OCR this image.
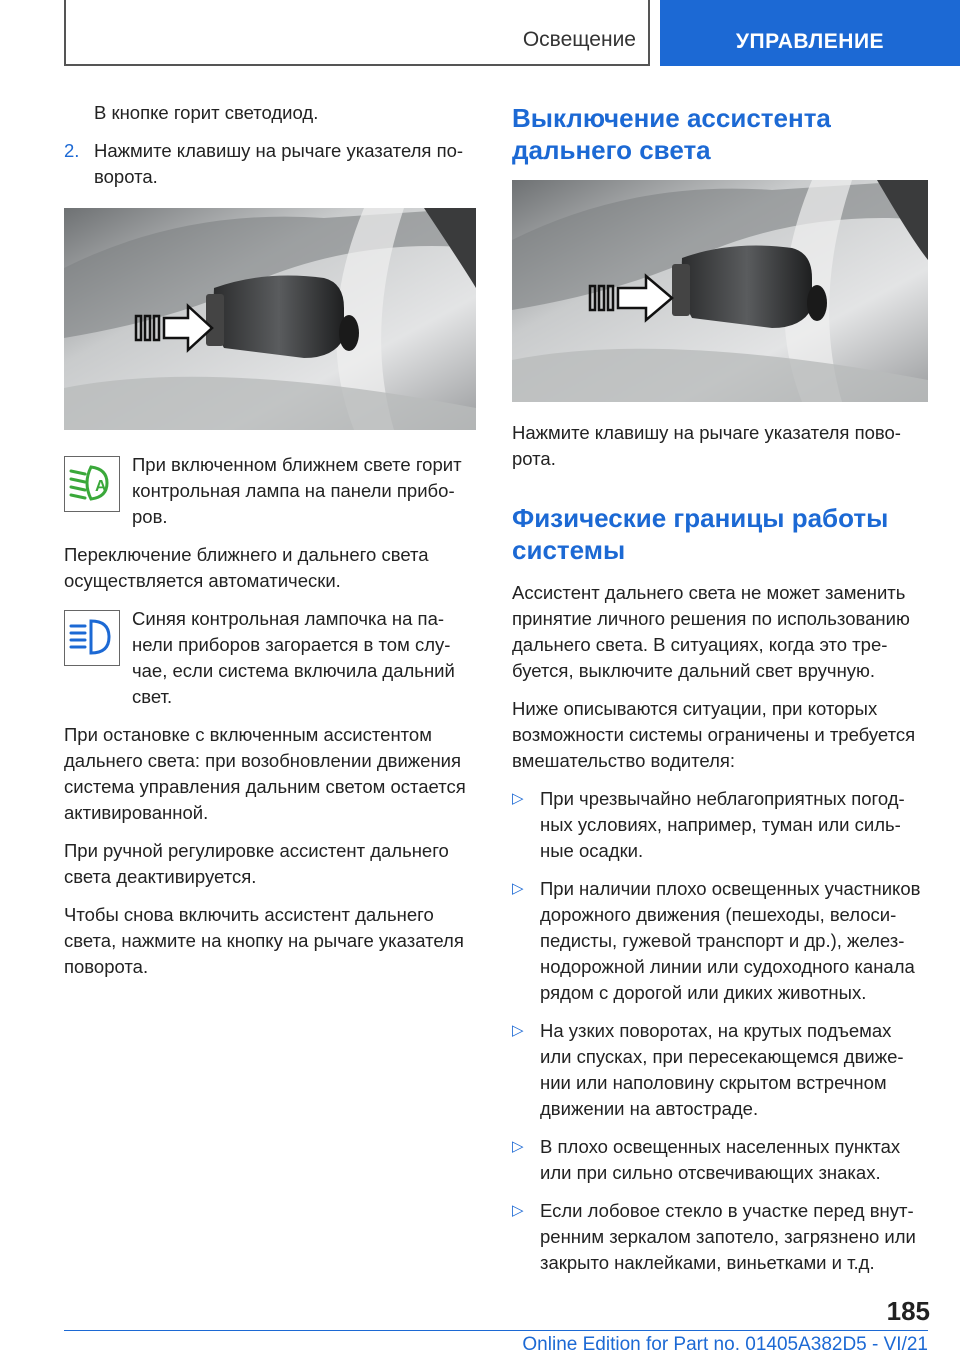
Освещение	УПРАВЛЕНИЕ

В кнопке горит светодиод.

2. Нажмите клавишу на рычаге указателя поворота.

A

При включенном ближнем свете горит контрольная лампа на панели приборов.

Переключение ближнего и дальнего света осуществляется автоматически.

Синяя контрольная лампочка на панели приборов загорается в том случае, если система включила дальний свет.

При остановке с включенным ассистентом дальнего света: при возобновлении движения система управления дальним светом остается активированной.

При ручной регулировке ассистент дальнего света деактивируется.

Чтобы снова включить ассистент дальнего света, нажмите на кнопку на рычаге указателя поворота.

Выключение ассистента дальнего света

Нажмите клавишу на рычаге указателя поворота.

Физические границы работы системы

Ассистент дальнего света не может заменить принятие личного решения по использованию дальнего света. В ситуациях, когда это требуется, выключите дальний свет вручную.

Ниже описываются ситуации, при которых возможности системы ограничены и требуется вмешательство водителя:

▷ При чрезвычайно неблагоприятных погодных условиях, например, туман или сильные осадки.
▷ При наличии плохо освещенных участников дорожного движения (пешеходы, велосипедисты, гужевой транспорт и др.), железнодорожной линии или судоходного канала рядом с дорогой или диких животных.
▷ На узких поворотах, на крутых подъемах или спусках, при пересекающемся движении или наполовину скрытом встречном движении на автостраде.
▷ В плохо освещенных населенных пунктах или при сильно отсвечивающих знаках.
▷ Если лобовое стекло в участке перед внутренним зеркалом запотело, загрязнено или закрыто наклейками, виньетками и т.д.
185
Online Edition for Part no. 01405A382D5 - VI/21
